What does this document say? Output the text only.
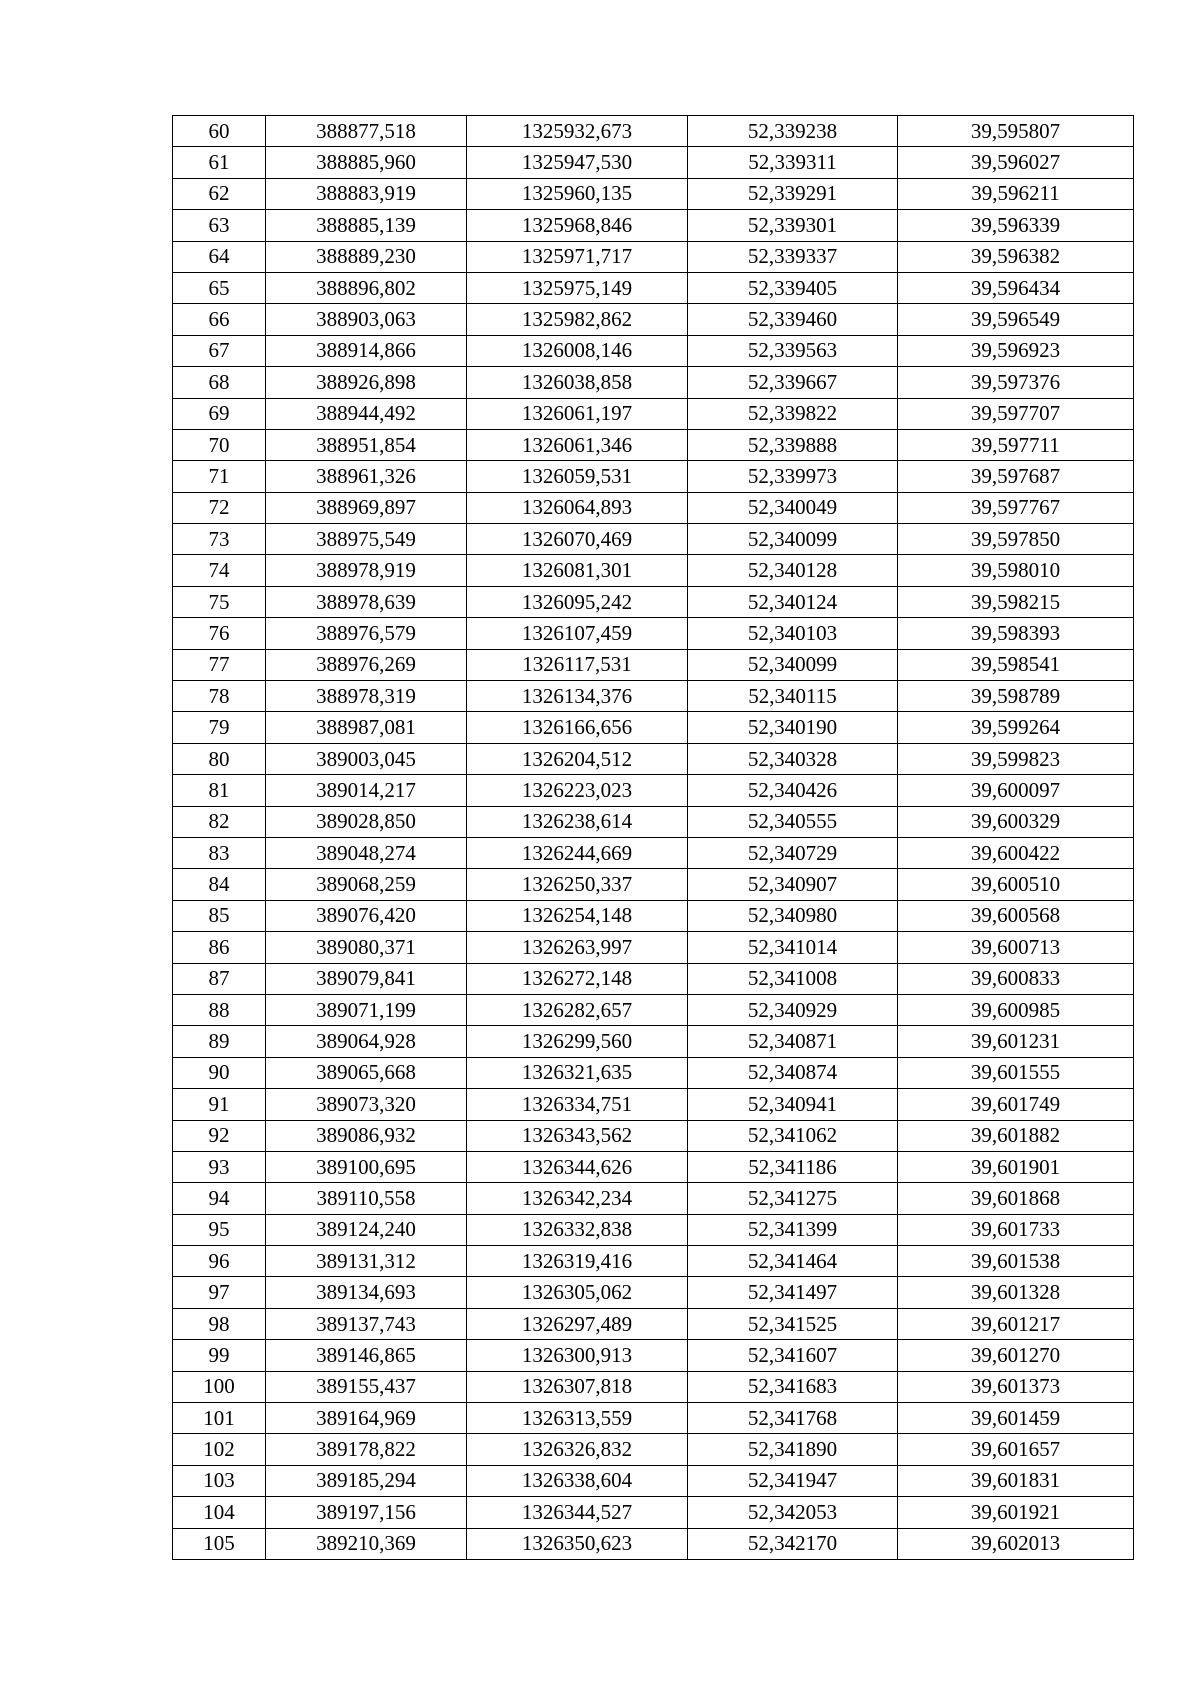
60	388877,518	1325932,673	52,339238	39,595807
61	388885,960	1325947,530	52,339311	39,596027
62	388883,919	1325960,135	52,339291	39,596211
63	388885,139	1325968,846	52,339301	39,596339
64	388889,230	1325971,717	52,339337	39,596382
65	388896,802	1325975,149	52,339405	39,596434
66	388903,063	1325982,862	52,339460	39,596549
67	388914,866	1326008,146	52,339563	39,596923
68	388926,898	1326038,858	52,339667	39,597376
69	388944,492	1326061,197	52,339822	39,597707
70	388951,854	1326061,346	52,339888	39,597711
71	388961,326	1326059,531	52,339973	39,597687
72	388969,897	1326064,893	52,340049	39,597767
73	388975,549	1326070,469	52,340099	39,597850
74	388978,919	1326081,301	52,340128	39,598010
75	388978,639	1326095,242	52,340124	39,598215
76	388976,579	1326107,459	52,340103	39,598393
77	388976,269	1326117,531	52,340099	39,598541
78	388978,319	1326134,376	52,340115	39,598789
79	388987,081	1326166,656	52,340190	39,599264
80	389003,045	1326204,512	52,340328	39,599823
81	389014,217	1326223,023	52,340426	39,600097
82	389028,850	1326238,614	52,340555	39,600329
83	389048,274	1326244,669	52,340729	39,600422
84	389068,259	1326250,337	52,340907	39,600510
85	389076,420	1326254,148	52,340980	39,600568
86	389080,371	1326263,997	52,341014	39,600713
87	389079,841	1326272,148	52,341008	39,600833
88	389071,199	1326282,657	52,340929	39,600985
89	389064,928	1326299,560	52,340871	39,601231
90	389065,668	1326321,635	52,340874	39,601555
91	389073,320	1326334,751	52,340941	39,601749
92	389086,932	1326343,562	52,341062	39,601882
93	389100,695	1326344,626	52,341186	39,601901
94	389110,558	1326342,234	52,341275	39,601868
95	389124,240	1326332,838	52,341399	39,601733
96	389131,312	1326319,416	52,341464	39,601538
97	389134,693	1326305,062	52,341497	39,601328
98	389137,743	1326297,489	52,341525	39,601217
99	389146,865	1326300,913	52,341607	39,601270
100	389155,437	1326307,818	52,341683	39,601373
101	389164,969	1326313,559	52,341768	39,601459
102	389178,822	1326326,832	52,341890	39,601657
103	389185,294	1326338,604	52,341947	39,601831
104	389197,156	1326344,527	52,342053	39,601921
105	389210,369	1326350,623	52,342170	39,602013
